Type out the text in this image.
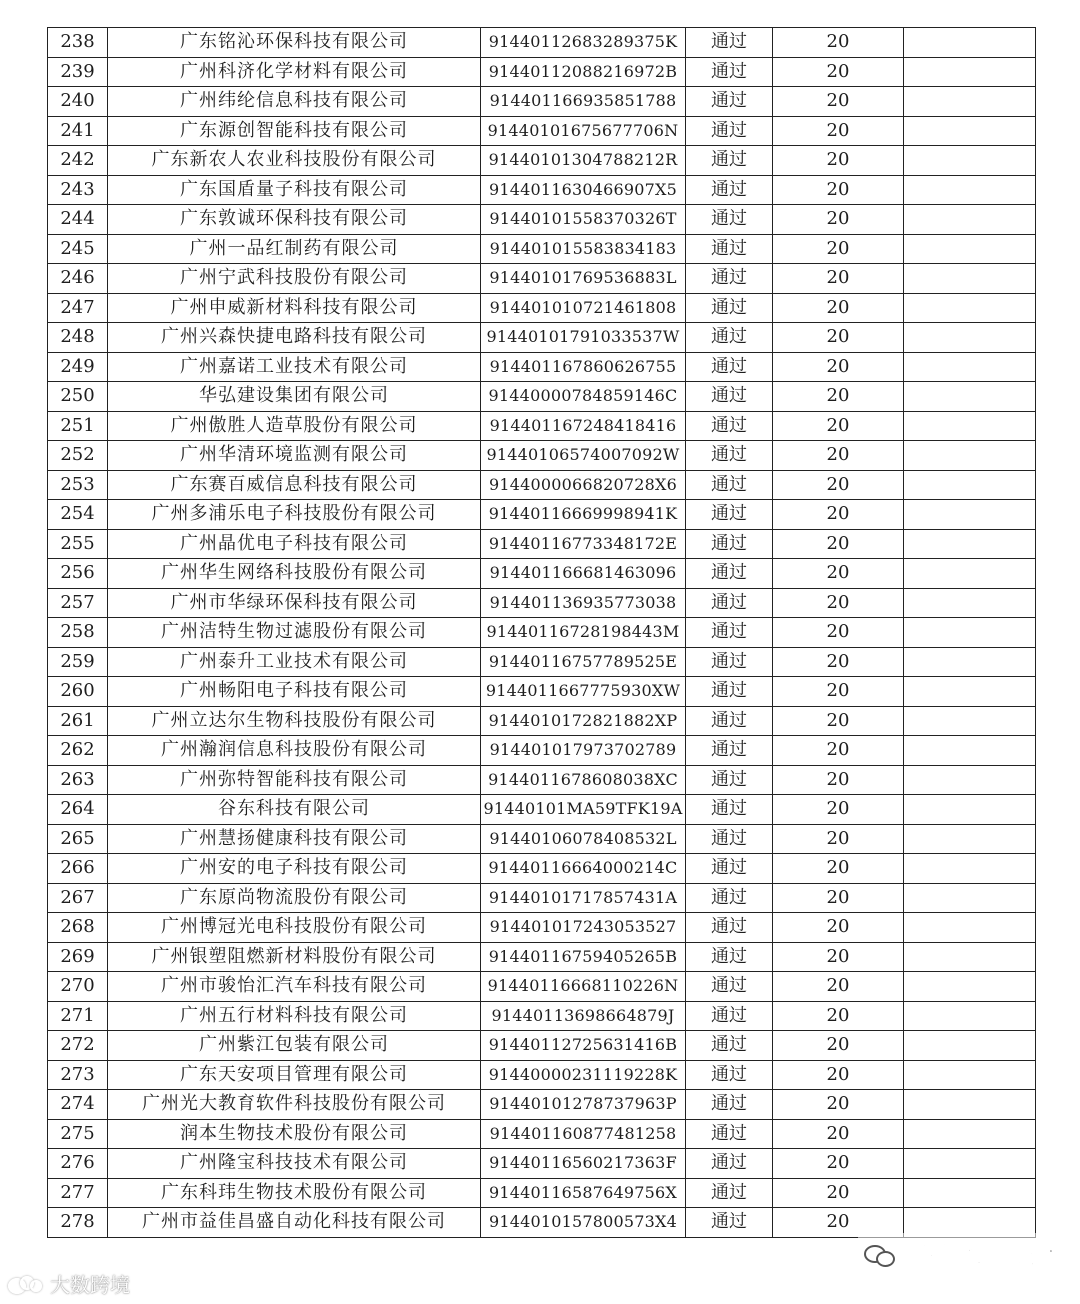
238	广东铭沁环保科技有限公司	91440112683289375K	通过	20	
239	广州科济化学材料有限公司	91440112088216972B	通过	20	
240	广州纬纶信息科技有限公司	914401166935851788	通过	20	
241	广东源创智能科技有限公司	91440101675677706N	通过	20	
242	广东新农人农业科技股份有限公司	91440101304788212R	通过	20	
243	广东国盾量子科技有限公司	9144011630466907X5	通过	20	
244	广东敦诚环保科技有限公司	91440101558370326T	通过	20	
245	广州一品红制药有限公司	914401015583834183	通过	20	
246	广州宁武科技股份有限公司	91440101769536883L	通过	20	
247	广州申威新材料科技有限公司	914401010721461808	通过	20	
248	广州兴森快捷电路科技有限公司	91440101791033537W	通过	20	
249	广州嘉诺工业技术有限公司	914401167860626755	通过	20	
250	华弘建设集团有限公司	91440000784859146C	通过	20	
251	广州傲胜人造草股份有限公司	914401167248418416	通过	20	
252	广州华清环境监测有限公司	91440106574007092W	通过	20	
253	广东赛百威信息科技有限公司	9144000066820728X6	通过	20	
254	广州多浦乐电子科技股份有限公司	91440116669998941K	通过	20	
255	广州晶优电子科技有限公司	91440116773348172E	通过	20	
256	广州华生网络科技股份有限公司	914401166681463096	通过	20	
257	广州市华绿环保科技有限公司	914401136935773038	通过	20	
258	广州洁特生物过滤股份有限公司	91440116728198443M	通过	20	
259	广州泰升工业技术有限公司	91440116757789525E	通过	20	
260	广州畅阳电子科技有限公司	9144011667775930XW	通过	20	
261	广州立达尔生物科技股份有限公司	9144010172821882XP	通过	20	
262	广州瀚润信息科技股份有限公司	914401017973702789	通过	20	
263	广州弥特智能科技有限公司	9144011678608038XC	通过	20	
264	谷东科技有限公司	91440101MA59TFK19A	通过	20	
265	广州慧扬健康科技有限公司	91440106078408532L	通过	20	
266	广州安的电子科技有限公司	91440116664000214C	通过	20	
267	广东原尚物流股份有限公司	91440101717857431A	通过	20	
268	广州博冠光电科技股份有限公司	914401017243053527	通过	20	
269	广州银塑阻燃新材料股份有限公司	91440116759405265B	通过	20	
270	广州市骏怡汇汽车科技有限公司	91440116668110226N	通过	20	
271	广州五行材料科技有限公司	91440113698664879J	通过	20	
272	广州紫江包装有限公司	91440112725631416B	通过	20	
273	广东天安项目管理有限公司	91440000231119228K	通过	20	
274	广州光大教育软件科技股份有限公司	91440101278737963P	通过	20	
275	润本生物技术股份有限公司	914401160877481258	通过	20	
276	广州隆宝科技技术有限公司	91440116560217363F	通过	20	
277	广东科玮生物技术股份有限公司	91440116587649756X	通过	20	
278	广州市益佳昌盛自动化科技有限公司	9144010157800573X4	通过	20	
广州永瑞集团
大数跨境
